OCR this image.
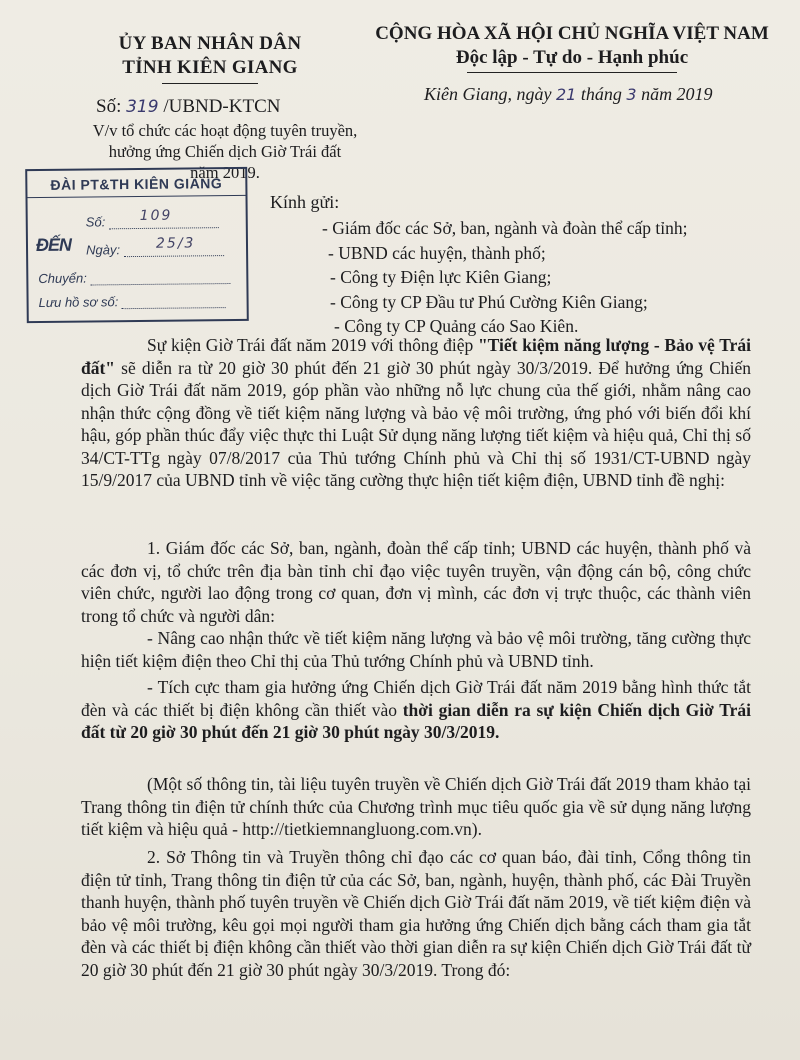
ỦY BAN NHÂN DÂN
TỈNH KIÊN GIANG
CỘNG HÒA XÃ HỘI CHỦ NGHĨA VIỆT NAM
Độc lập - Tự do - Hạnh phúc
Số: 319 /UBND-KTCN
Kiên Giang, ngày 21 tháng 3 năm 2019
V/v tổ chức các hoạt động tuyên truyền,
hưởng ứng Chiến dịch Giờ Trái đất
năm 2019.
ĐÀI PT&TH KIÊN GIANG
ĐẾN
Số:	109
Ngày:	25/3
Chuyển:
Lưu hồ sơ số:
Kính gửi:
- Giám đốc các Sở, ban, ngành và đoàn thể cấp tỉnh;
- UBND các huyện, thành phố;
- Công ty Điện lực Kiên Giang;
- Công ty CP Đầu tư Phú Cường Kiên Giang;
- Công ty CP Quảng cáo Sao Kiên.
Sự kiện Giờ Trái đất năm 2019 với thông điệp "Tiết kiệm năng lượng - Bảo vệ Trái đất" sẽ diễn ra từ 20 giờ 30 phút đến 21 giờ 30 phút ngày 30/3/2019. Để hưởng ứng Chiến dịch Giờ Trái đất năm 2019, góp phần vào những nỗ lực chung của thế giới, nhằm nâng cao nhận thức cộng đồng về tiết kiệm năng lượng và bảo vệ môi trường, ứng phó với biến đổi khí hậu, góp phần thúc đẩy việc thực thi Luật Sử dụng năng lượng tiết kiệm và hiệu quả, Chỉ thị số 34/CT-TTg ngày 07/8/2017 của Thủ tướng Chính phủ và Chỉ thị số 1931/CT-UBND ngày 15/9/2017 của UBND tỉnh về việc tăng cường thực hiện tiết kiệm điện, UBND tỉnh đề nghị:
1. Giám đốc các Sở, ban, ngành, đoàn thể cấp tỉnh; UBND các huyện, thành phố và các đơn vị, tổ chức trên địa bàn tỉnh chỉ đạo việc tuyên truyền, vận động cán bộ, công chức viên chức, người lao động trong cơ quan, đơn vị mình, các đơn vị trực thuộc, các thành viên trong tổ chức và người dân:
- Nâng cao nhận thức về tiết kiệm năng lượng và bảo vệ môi trường, tăng cường thực hiện tiết kiệm điện theo Chỉ thị của Thủ tướng Chính phủ và UBND tỉnh.
- Tích cực tham gia hưởng ứng Chiến dịch Giờ Trái đất năm 2019 bằng hình thức tắt đèn và các thiết bị điện không cần thiết vào thời gian diễn ra sự kiện Chiến dịch Giờ Trái đất từ 20 giờ 30 phút đến 21 giờ 30 phút ngày 30/3/2019.
(Một số thông tin, tài liệu tuyên truyền về Chiến dịch Giờ Trái đất 2019 tham khảo tại Trang thông tin điện tử chính thức của Chương trình mục tiêu quốc gia về sử dụng năng lượng tiết kiệm và hiệu quả - http://tietkiemnangluong.com.vn).
2. Sở Thông tin và Truyền thông chỉ đạo các cơ quan báo, đài tỉnh, Cổng thông tin điện tử tỉnh, Trang thông tin điện tử của các Sở, ban, ngành, huyện, thành phố, các Đài Truyền thanh huyện, thành phố tuyên truyền về Chiến dịch Giờ Trái đất năm 2019, về tiết kiệm điện và bảo vệ môi trường, kêu gọi mọi người tham gia hưởng ứng Chiến dịch bằng cách tham gia tắt đèn và các thiết bị điện không cần thiết vào thời gian diễn ra sự kiện Chiến dịch Giờ Trái đất từ 20 giờ 30 phút đến 21 giờ 30 phút ngày 30/3/2019. Trong đó:
